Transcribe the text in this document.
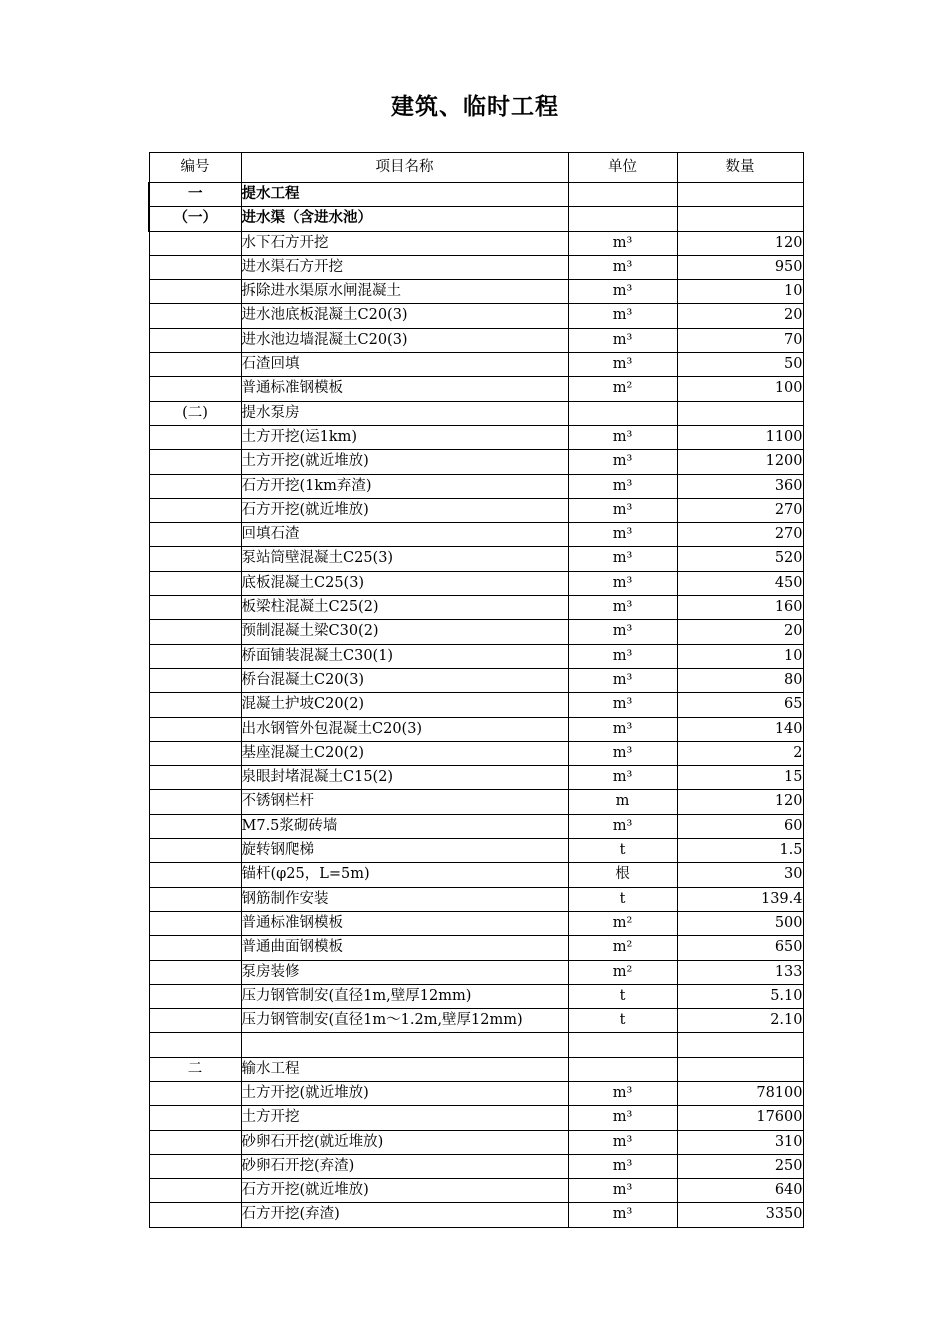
建筑、临时工程
编号	项目名称	单位	数量
一	提水工程		
（一）	进水渠（含进水池）		
	水下石方开挖	m³	120
	进水渠石方开挖	m³	950
	拆除进水渠原水闸混凝土	m³	10
	进水池底板混凝土C20(3)	m³	20
	进水池边墙混凝土C20(3)	m³	70
	石渣回填	m³	50
	普通标准钢模板	m²	100
(二)	提水泵房		
	土方开挖(运1km)	m³	1100
	土方开挖(就近堆放)	m³	1200
	石方开挖(1km弃渣)	m³	360
	石方开挖(就近堆放)	m³	270
	回填石渣	m³	270
	泵站筒壁混凝土C25(3)	m³	520
	底板混凝土C25(3)	m³	450
	板梁柱混凝土C25(2)	m³	160
	预制混凝土梁C30(2)	m³	20
	桥面铺装混凝土C30(1)	m³	10
	桥台混凝土C20(3)	m³	80
	混凝土护坡C20(2)	m³	65
	出水钢管外包混凝土C20(3)	m³	140
	基座混凝土C20(2)	m³	2
	泉眼封堵混凝土C15(2)	m³	15
	不锈钢栏杆	m	120
	M7.5浆砌砖墙	m³	60
	旋转钢爬梯	t	1.5
	锚杆(φ25，L=5m)	根	30
	钢筋制作安装	t	139.4
	普通标准钢模板	m²	500
	普通曲面钢模板	m²	650
	泵房装修	m²	133
	压力钢管制安(直径1m,壁厚12mm)	t	5.10
	压力钢管制安(直径1m～1.2m,壁厚12mm)	t	2.10

二	输水工程		
	土方开挖(就近堆放)	m³	78100
	土方开挖	m³	17600
	砂卵石开挖(就近堆放)	m³	310
	砂卵石开挖(弃渣)	m³	250
	石方开挖(就近堆放)	m³	640
	石方开挖(弃渣)	m³	3350
